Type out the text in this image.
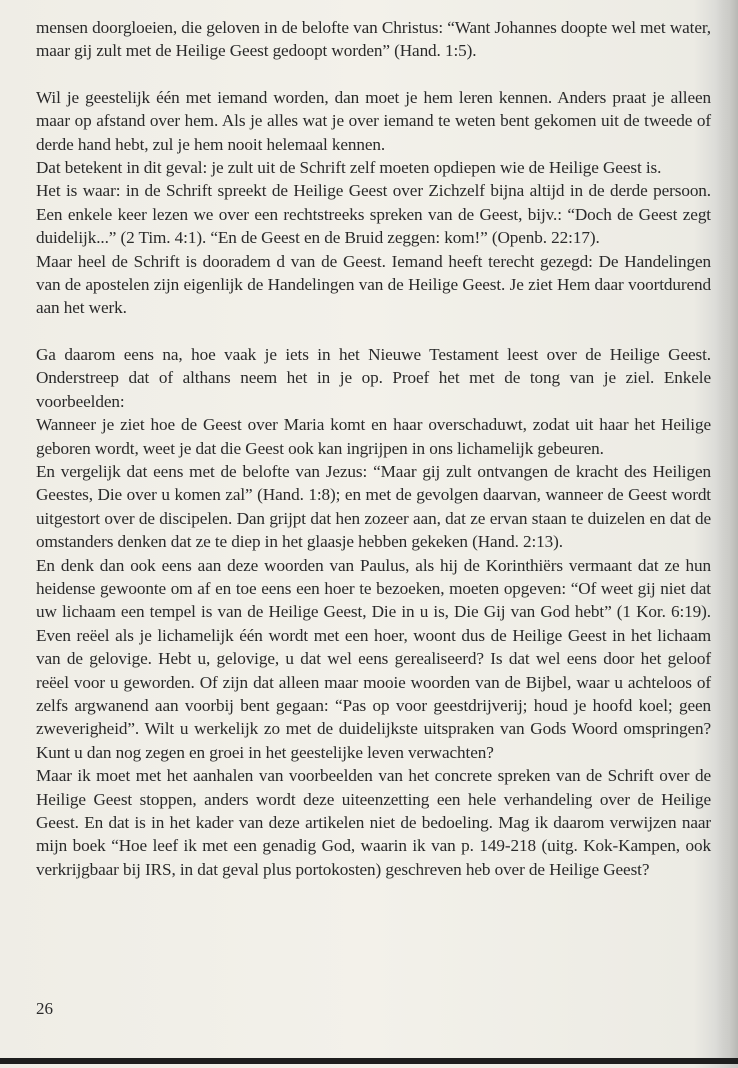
mensen doorgloeien, die geloven in de belofte van Christus: “Want Johannes doopte wel met water, maar gij zult met de Heilige Geest gedoopt worden” (Hand. 1:5).

Wil je geestelijk één met iemand worden, dan moet je hem leren kennen. Anders praat je alleen maar op afstand over hem. Als je alles wat je over iemand te weten bent gekomen uit de tweede of derde hand hebt, zul je hem nooit helemaal kennen.

Dat betekent in dit geval: je zult uit de Schrift zelf moeten opdiepen wie de Heilige Geest is.

Het is waar: in de Schrift spreekt de Heilige Geest over Zichzelf bijna altijd in de derde persoon. Een enkele keer lezen we over een rechtstreeks spreken van de Geest, bijv.: “Doch de Geest zegt duidelijk...” (2 Tim. 4:1). “En de Geest en de Bruid zeggen: kom!” (Openb. 22:17).

Maar heel de Schrift is dooradem d van de Geest. Iemand heeft terecht gezegd: De Handelingen van de apostelen zijn eigenlijk de Handelingen van de Heilige Geest. Je ziet Hem daar voortdurend aan het werk.

Ga daarom eens na, hoe vaak je iets in het Nieuwe Testament leest over de Heilige Geest. Onderstreep dat of althans neem het in je op. Proef het met de tong van je ziel. Enkele voorbeelden:

Wanneer je ziet hoe de Geest over Maria komt en haar overschaduwt, zodat uit haar het Heilige geboren wordt, weet je dat die Geest ook kan ingrijpen in ons lichamelijk gebeuren.

En vergelijk dat eens met de belofte van Jezus: “Maar gij zult ontvangen de kracht des Heiligen Geestes, Die over u komen zal” (Hand. 1:8); en met de gevolgen daarvan, wanneer de Geest wordt uitgestort over de discipelen. Dan grijpt dat hen zozeer aan, dat ze ervan staan te duizelen en dat de omstanders denken dat ze te diep in het glaasje hebben gekeken (Hand. 2:13).

En denk dan ook eens aan deze woorden van Paulus, als hij de Korinthiërs vermaant dat ze hun heidense gewoonte om af en toe eens een hoer te bezoeken, moeten opgeven: “Of weet gij niet dat uw lichaam een tempel is van de Heilige Geest, Die in u is, Die Gij van God hebt” (1 Kor. 6:19). Even reëel als je lichamelijk één wordt met een hoer, woont dus de Heilige Geest in het lichaam van de gelovige. Hebt u, gelovige, u dat wel eens gerealiseerd? Is dat wel eens door het geloof reëel voor u geworden. Of zijn dat alleen maar mooie woorden van de Bijbel, waar u achteloos of zelfs argwanend aan voorbij bent gegaan: “Pas op voor geestdrijverij; houd je hoofd koel; geen zweverigheid”. Wilt u werkelijk zo met de duidelijkste uitspraken van Gods Woord omspringen? Kunt u dan nog zegen en groei in het geestelijke leven verwachten?

Maar ik moet met het aanhalen van voorbeelden van het concrete spreken van de Schrift over de Heilige Geest stoppen, anders wordt deze uiteenzetting een hele verhandeling over de Heilige Geest. En dat is in het kader van deze artikelen niet de bedoeling. Mag ik daarom verwijzen naar mijn boek “Hoe leef ik met een genadig God, waarin ik van p. 149-218 (uitg. Kok-Kampen, ook verkrijgbaar bij IRS, in dat geval plus portokosten) geschreven heb over de Heilige Geest?

26
